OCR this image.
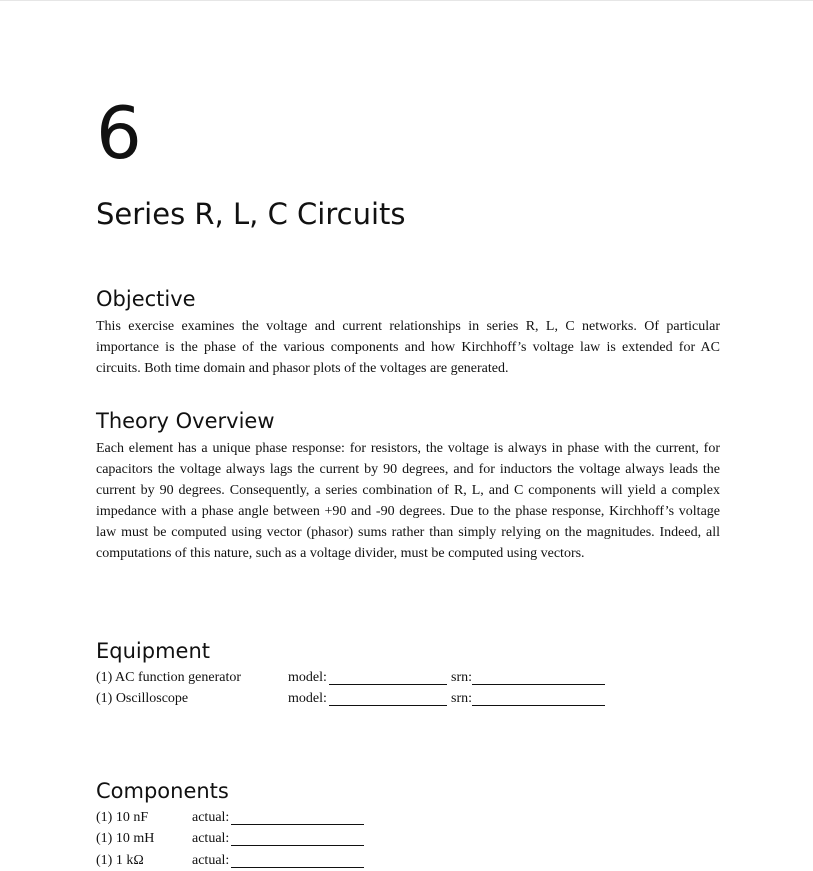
6
Series R, L, C Circuits
Objective

This exercise examines the voltage and current relationships in series R, L, C networks. Of particular importance is the phase of the various components and how Kirchhoff’s voltage law is extended for AC circuits. Both time domain and phasor plots of the voltages are generated.

Theory Overview

Each element has a unique phase response: for resistors, the voltage is always in phase with the current, for capacitors the voltage always lags the current by 90 degrees, and for inductors the voltage always leads the current by 90 degrees. Consequently, a series combination of R, L, and C components will yield a complex impedance with a phase angle between +90 and -90 degrees. Due to the phase response, Kirchhoff’s voltage law must be computed using vector (phasor) sums rather than simply relying on the magnitudes. Indeed, all computations of this nature, such as a voltage divider, must be computed using vectors.

Equipment
(1) AC function generator	model:	srn:
(1) Oscilloscope	model:	srn:
Components
(1) 10 nF	actual:
(1) 10 mH	actual:
(1) 1 kΩ	actual:
